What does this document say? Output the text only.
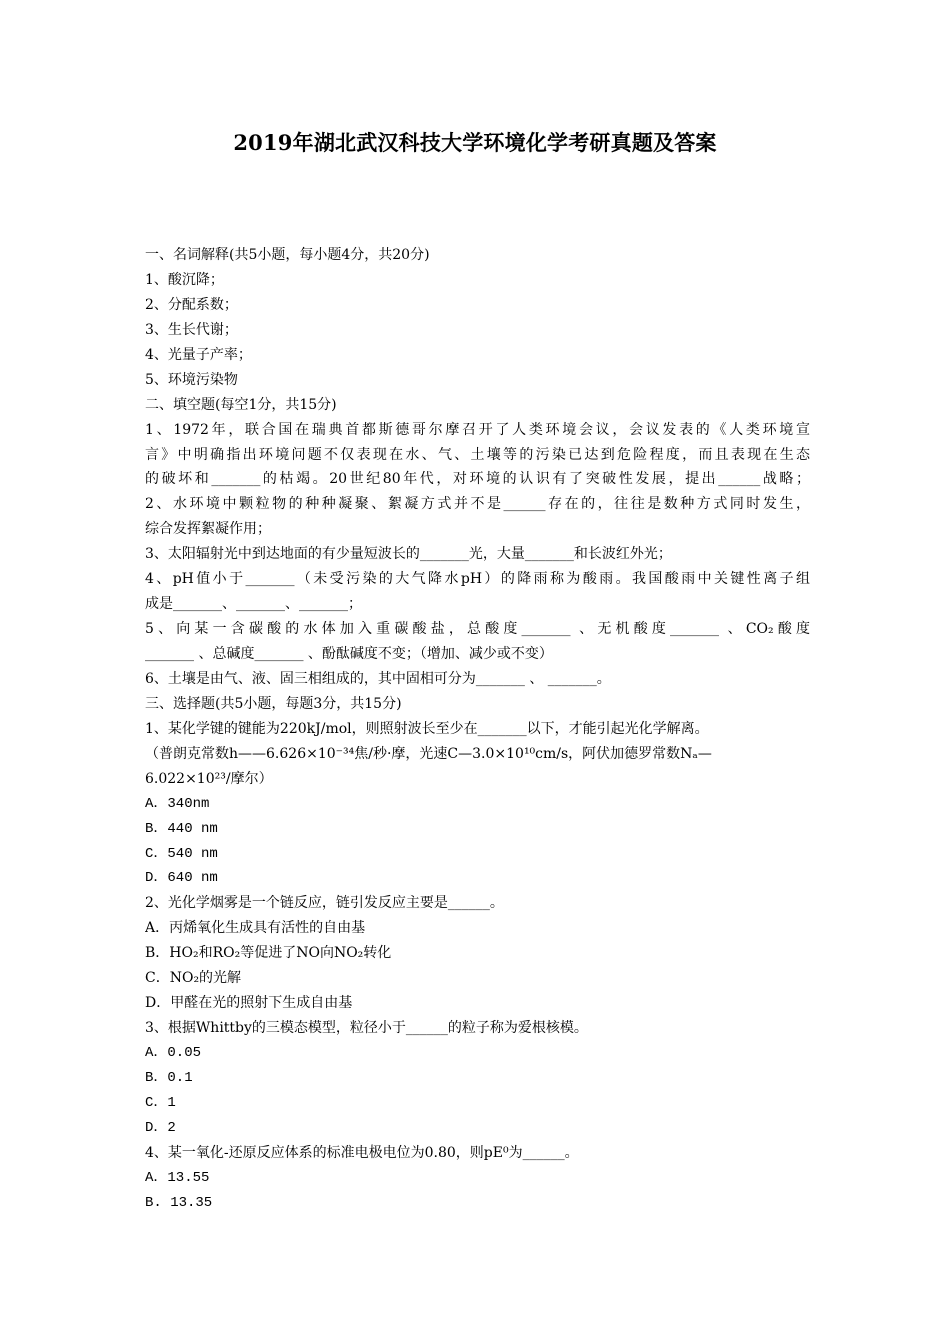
2019年湖北武汉科技大学环境化学考研真题及答案
一、名词解释(共5小题，每小题4分，共20分)
1、酸沉降；
2、分配系数；
3、生长代谢；
4、光量子产率；
5、环境污染物
二、填空题(每空1分，共15分)
1、1972年，联合国在瑞典首都斯德哥尔摩召开了人类环境会议，会议发表的《人类环境宣
言》中明确指出环境问题不仅表现在水、气、土壤等的污染已达到危险程度，而且表现在生态
的破坏和_______的枯竭。20世纪80年代，对环境的认识有了突破性发展，提出______战略；
2、水环境中颗粒物的种种凝聚、絮凝方式并不是______存在的，往往是数种方式同时发生，
综合发挥絮凝作用；
3、太阳辐射光中到达地面的有少量短波长的_______光，大量_______和长波红外光；
4、pH值小于_______（未受污染的大气降水pH）的降雨称为酸雨。我国酸雨中关键性离子组
成是_______、_______、_______；
5、向某一含碳酸的水体加入重碳酸盐，总酸度_______ 、无机酸度_______ 、CO₂酸度
_______ 、总碱度_______ 、酚酞碱度不变；（增加、减少或不变）
6、土壤是由气、液、固三相组成的，其中固相可分为_______ 、 _______。
三、选择题(共5小题，每题3分，共15分)
1、某化学键的键能为220kJ/mol，则照射波长至少在_______以下，才能引起光化学解离。
（普朗克常数h——6.626×10⁻³⁴焦/秒·摩，光速C—3.0×10¹⁰cm/s，阿伏加德罗常数Nₐ—
6.022×10²³/摩尔）
A．340nm
B．440 nm
C．540 nm
D．640 nm
2、光化学烟雾是一个链反应，链引发反应主要是______。
A．丙烯氧化生成具有活性的自由基
B．HO₂和RO₂等促进了NO向NO₂转化
C．NO₂的光解
D．甲醛在光的照射下生成自由基
3、根据Whittby的三模态模型，粒径小于______的粒子称为爱根核模。
A．0.05
B．0.1
C．1
D．2
4、某一氧化-还原反应体系的标准电极电位为0.80，则pE⁰为______。
A．13.55
B. 13.35
